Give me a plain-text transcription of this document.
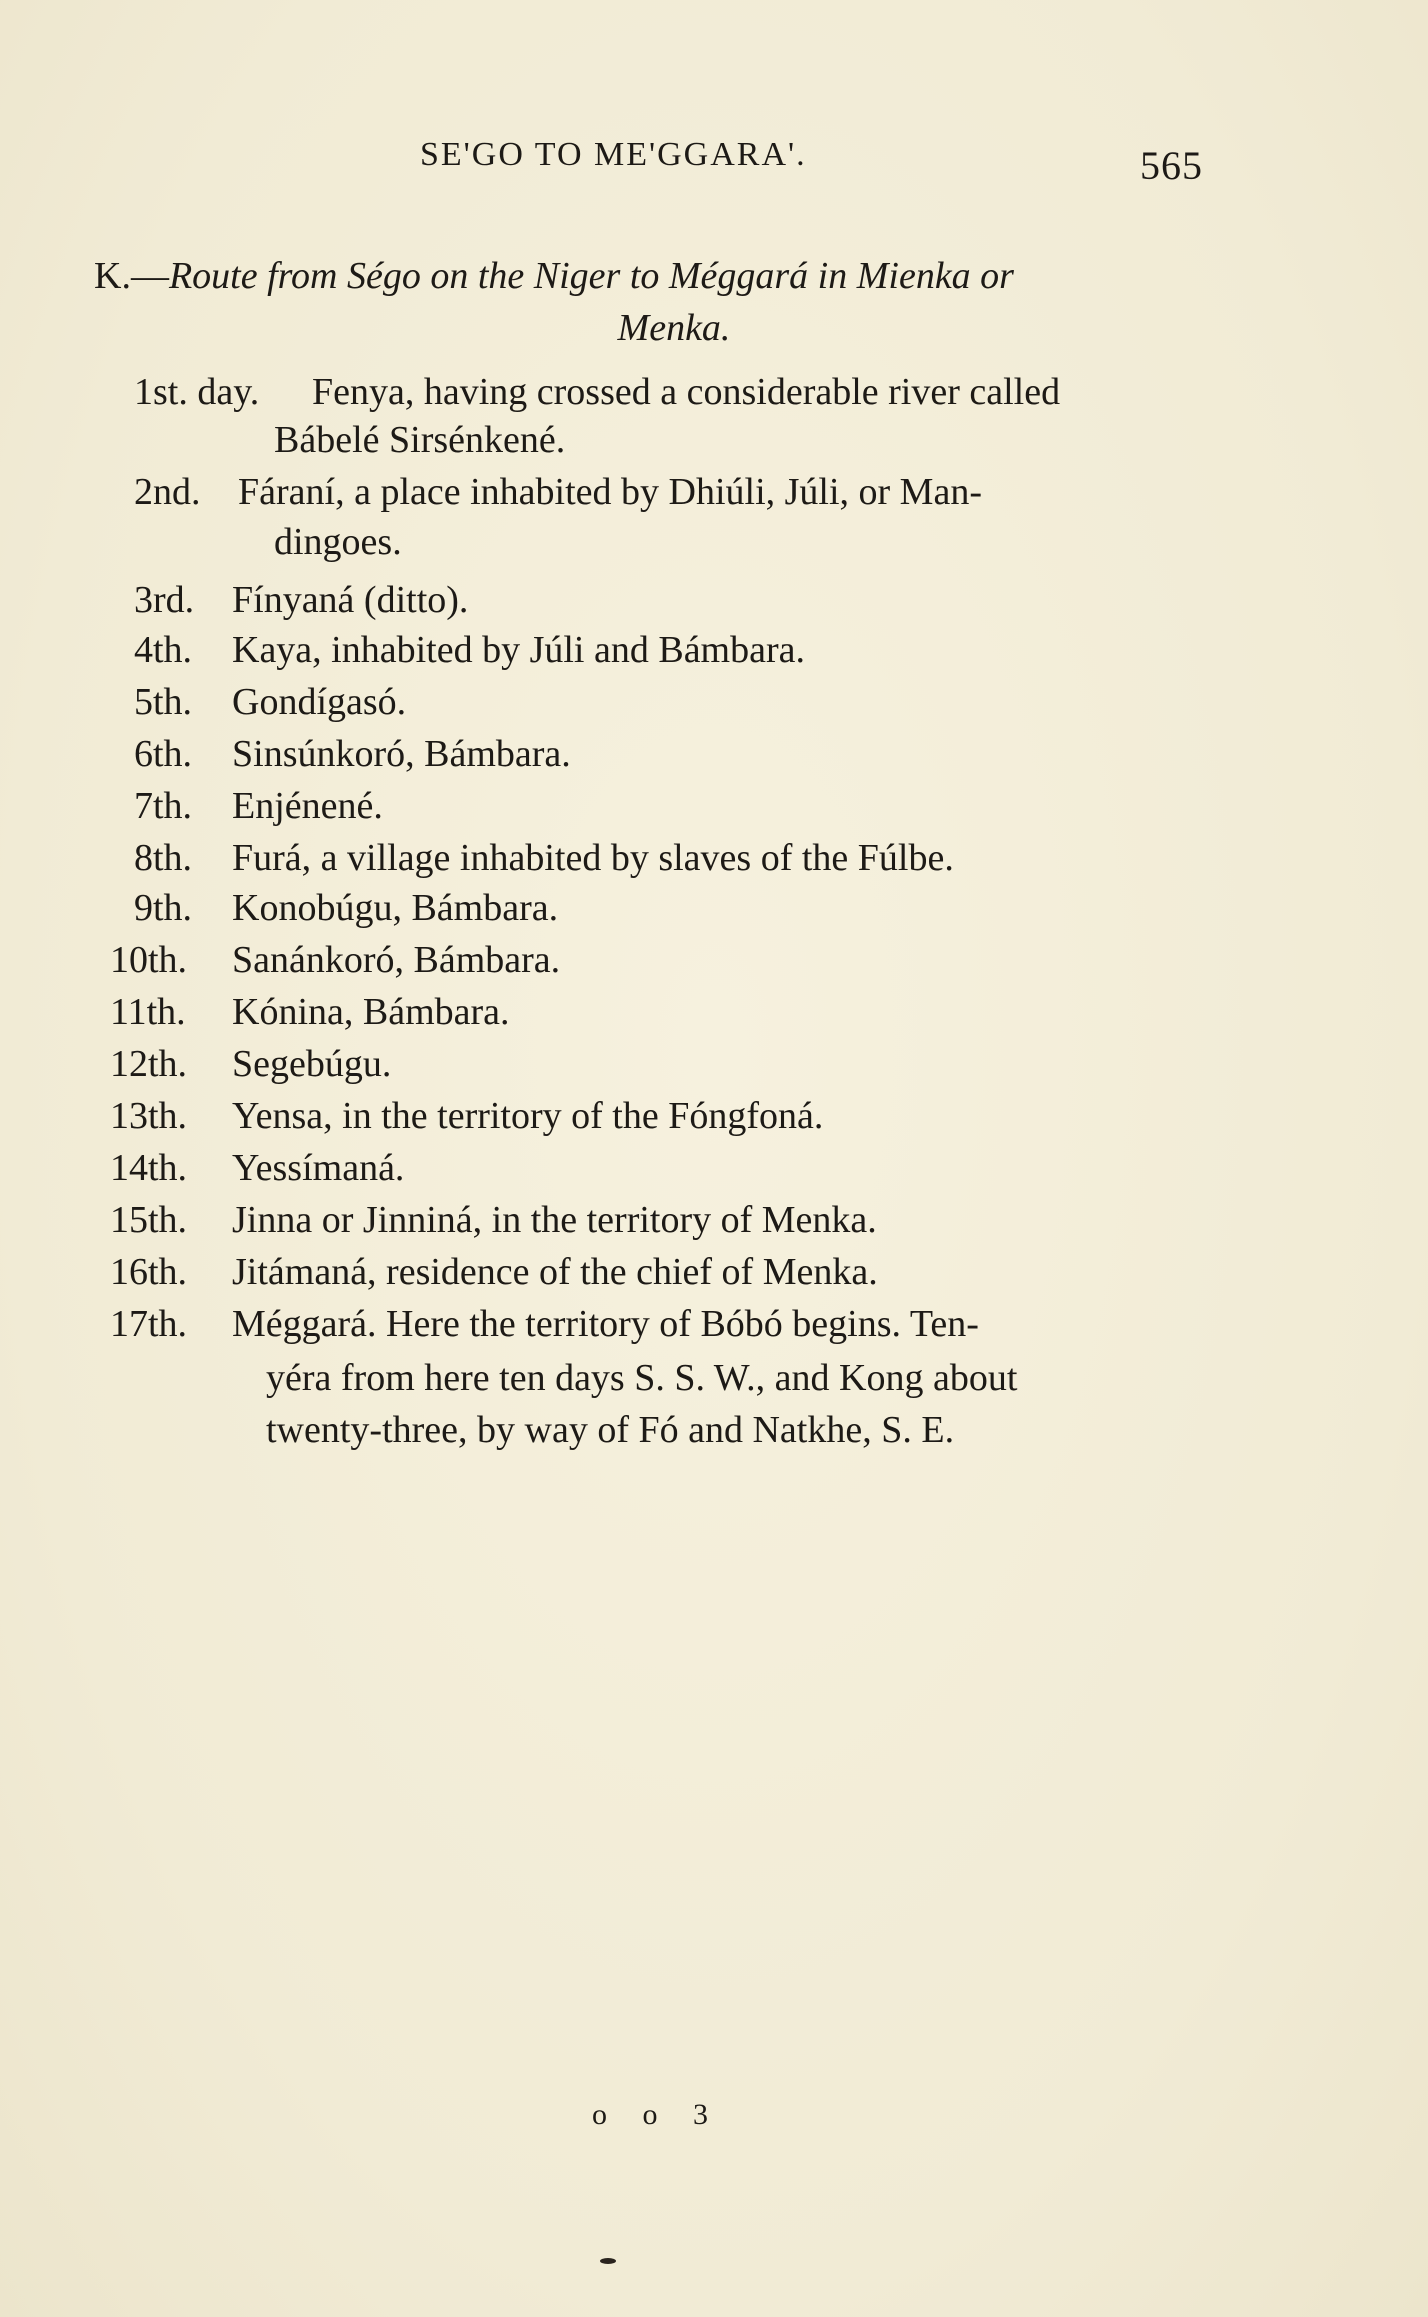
SE'GO TO ME'GGARA'.	565
K.—Route from Ségo on the Niger to Méggará in Mienka or
Menka.
1st. day. Fenya, having crossed a considerable river called
Bábelé Sirsénkené.
2nd. Fáraní, a place inhabited by Dhiúli, Júli, or Man-
dingoes.
3rd. Fínyaná (ditto).
4th. Kaya, inhabited by Júli and Bámbara.
5th. Gondígasó.
6th. Sinsúnkoró, Bámbara.
7th. Enjénené.
8th. Furá, a village inhabited by slaves of the Fúlbe.
9th. Konobúgu, Bámbara.
10th. Sanánkoró, Bámbara.
11th. Kónina, Bámbara.
12th. Segebúgu.
13th. Yensa, in the territory of the Fóngfoná.
14th. Yessímaná.
15th. Jinna or Jinniná, in the territory of Menka.
16th. Jitámaná, residence of the chief of Menka.
17th. Méggará. Here the territory of Bóbó begins. Ten-
yéra from here ten days S. S. W., and Kong about
twenty-three, by way of Fó and Natkhe, S. E.
o o 3
